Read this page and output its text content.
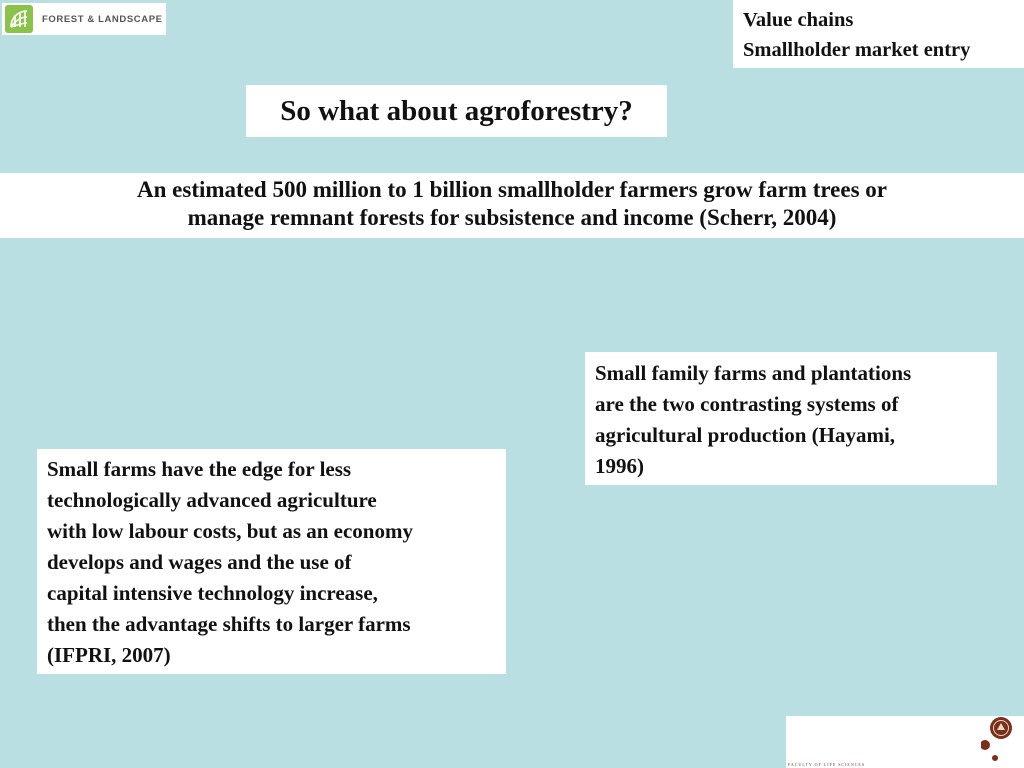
FOREST & LANDSCAPE	Value chains
Smallholder market entry
So what about agroforestry?
An estimated 500 million to 1 billion smallholder farmers grow farm trees or
manage remnant forests for subsistence and income (Scherr, 2004)
Small family farms and plantations
are the two contrasting systems of
agricultural production (Hayami,
1996)
Small farms have the edge for less
technologically advanced agriculture
with low labour costs, but as an economy
develops and wages and the use of
capital intensive technology increase,
then the advantage shifts to larger farms
(IFPRI, 2007)
FACULTY OF LIFE SCIENCES
